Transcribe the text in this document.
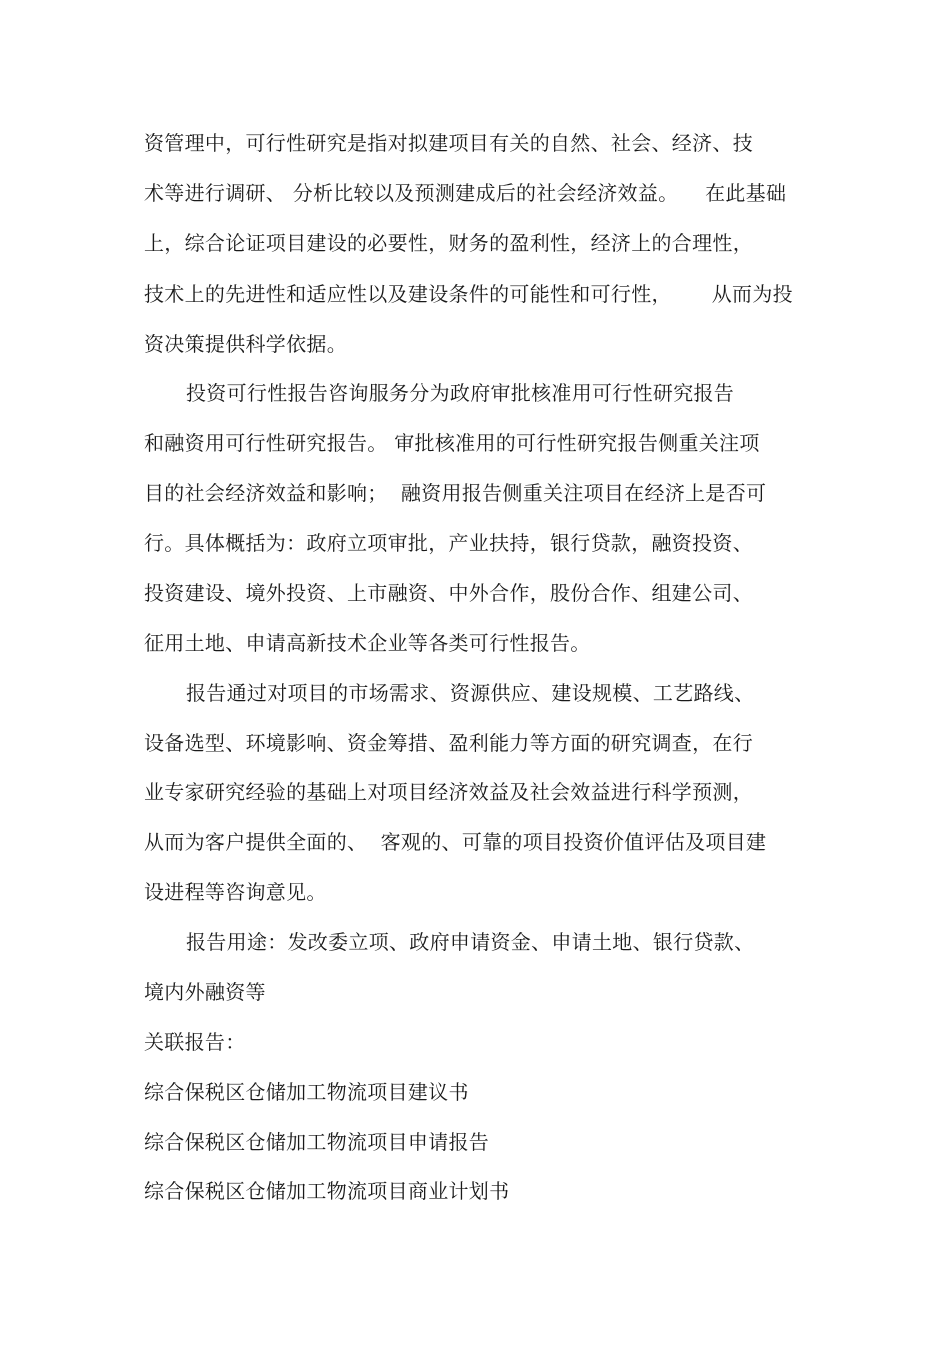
资管理中，可行性研究是指对拟建项目有关的自然、社会、经济、技
术等进行调研、 分析比较以及预测建成后的社会经济效益。    在此基础
上，综合论证项目建设的必要性，财务的盈利性，经济上的合理性，
技术上的先进性和适应性以及建设条件的可能性和可行性，      从而为投
资决策提供科学依据。
投资可行性报告咨询服务分为政府审批核准用可行性研究报告
和融资用可行性研究报告。 审批核准用的可行性研究报告侧重关注项
目的社会经济效益和影响；  融资用报告侧重关注项目在经济上是否可
行。具体概括为：政府立项审批，产业扶持，银行贷款，融资投资、
投资建设、境外投资、上市融资、中外合作，股份合作、组建公司、
征用土地、申请高新技术企业等各类可行性报告。
报告通过对项目的市场需求、资源供应、建设规模、工艺路线、
设备选型、环境影响、资金筹措、盈利能力等方面的研究调查，在行
业专家研究经验的基础上对项目经济效益及社会效益进行科学预测，
从而为客户提供全面的、  客观的、可靠的项目投资价值评估及项目建
设进程等咨询意见。
报告用途：发改委立项、政府申请资金、申请土地、银行贷款、
境内外融资等
关联报告：
综合保税区仓储加工物流项目建议书
综合保税区仓储加工物流项目申请报告
综合保税区仓储加工物流项目商业计划书
